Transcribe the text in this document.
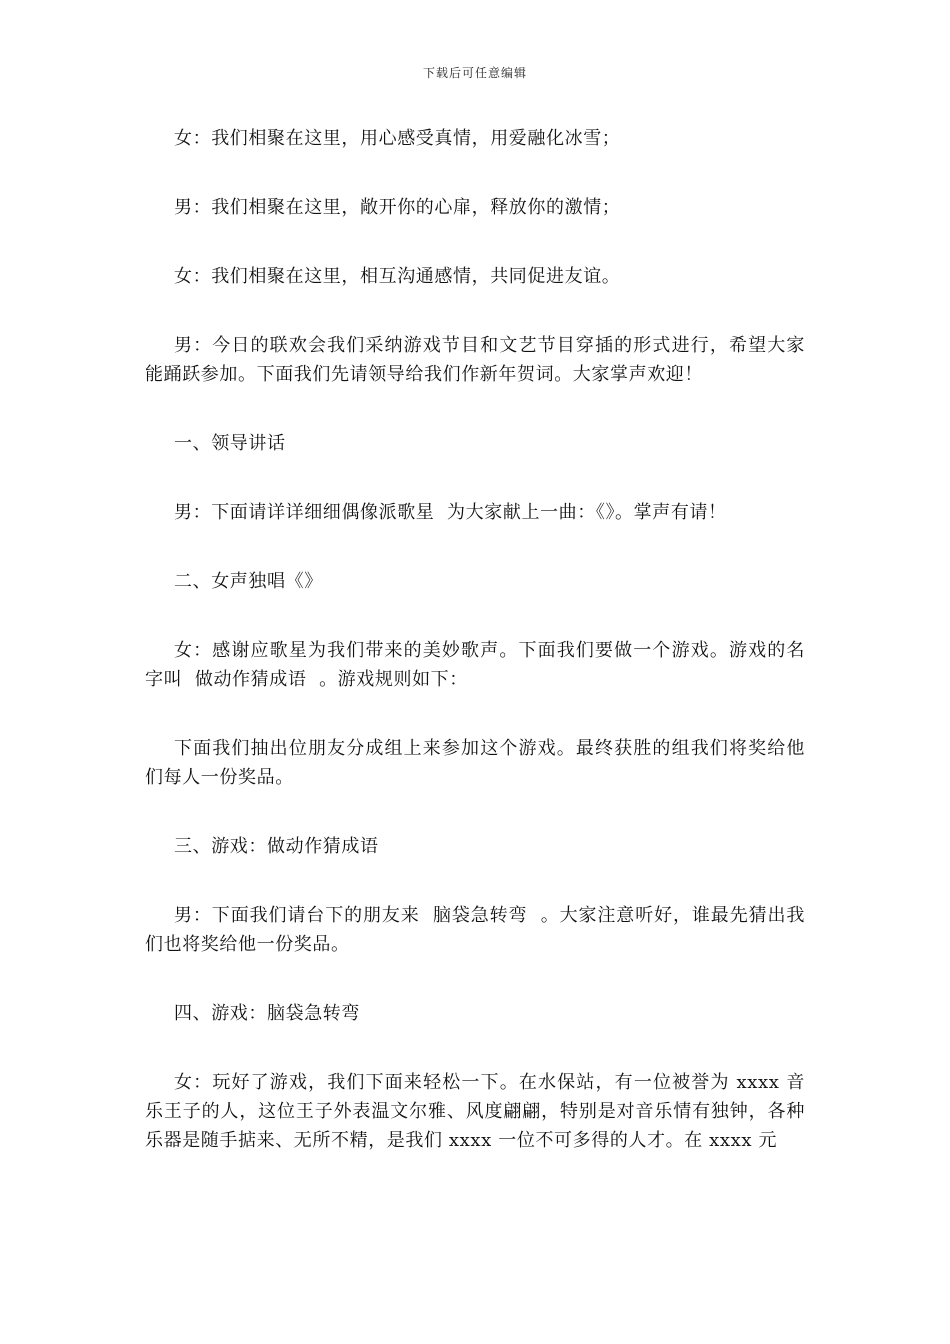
下载后可任意编辑

女：我们相聚在这里，用心感受真情，用爱融化冰雪；

男：我们相聚在这里，敞开你的心扉，释放你的激情；

女：我们相聚在这里，相互沟通感情，共同促进友谊。

男：今日的联欢会我们采纳游戏节目和文艺节目穿插的形式进行，希望大家能踊跃参加。下面我们先请领导给我们作新年贺词。大家掌声欢迎！

一、领导讲话

男：下面请详详细细偶像派歌星  为大家献上一曲：《》。掌声有请！

二、女声独唱《》

女：感谢应歌星为我们带来的美妙歌声。下面我们要做一个游戏。游戏的名字叫  做动作猜成语  。游戏规则如下：

下面我们抽出位朋友分成组上来参加这个游戏。最终获胜的组我们将奖给他们每人一份奖品。

三、游戏：做动作猜成语

男：下面我们请台下的朋友来  脑袋急转弯  。大家注意听好，谁最先猜出我们也将奖给他一份奖品。

四、游戏：脑袋急转弯

女：玩好了游戏，我们下面来轻松一下。在水保站，有一位被誉为 xxxx 音乐王子的人，这位王子外表温文尔雅、风度翩翩，特别是对音乐情有独钟，各种乐器是随手掂来、无所不精，是我们 xxxx 一位不可多得的人才。在 xxxx 元
